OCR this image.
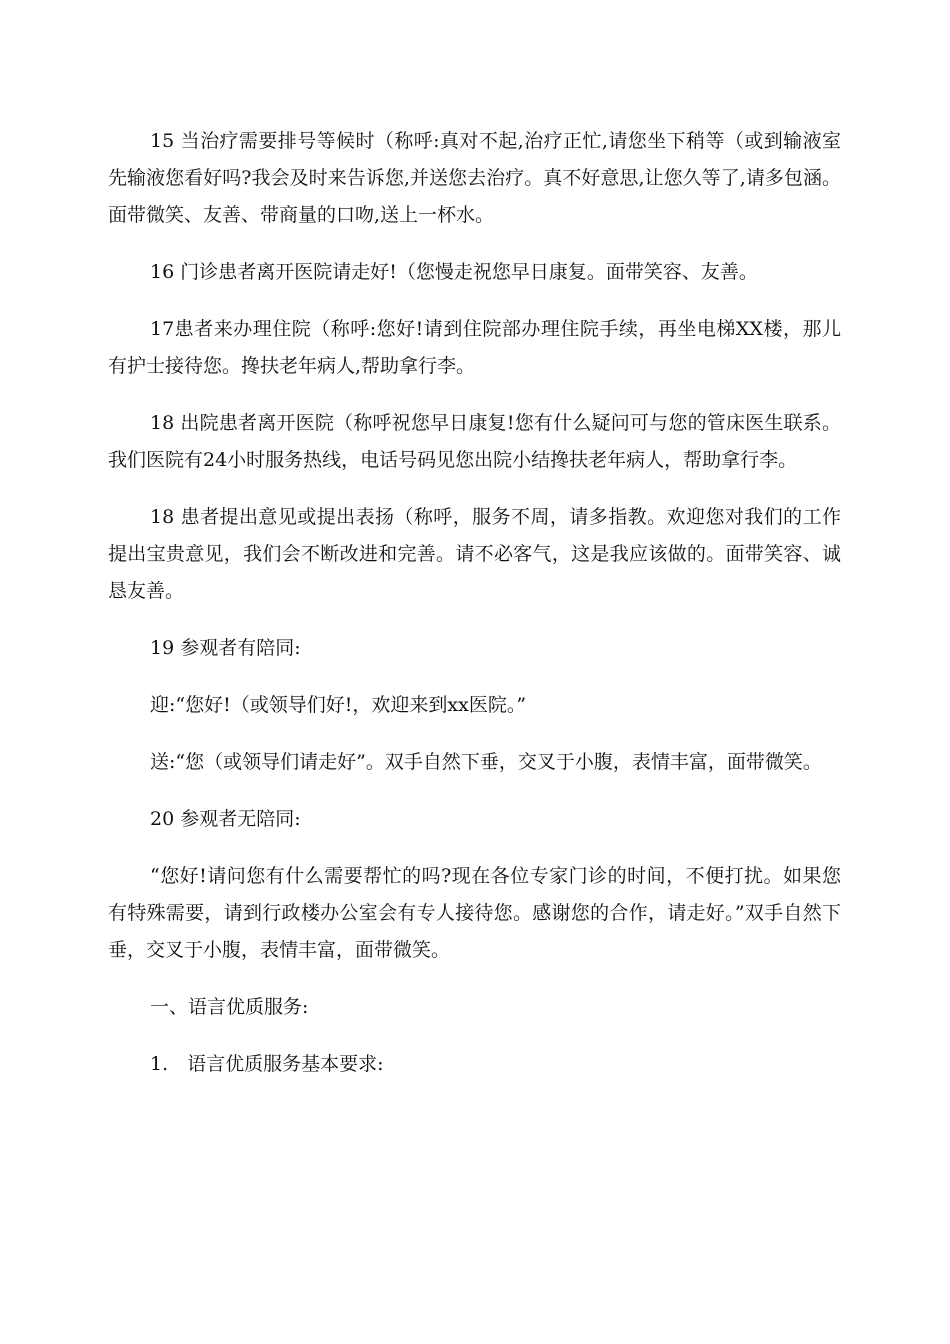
15 当治疗需要排号等候时（称呼:真对不起,治疗正忙,请您坐下稍等（或到输液室先输液您看好吗?我会及时来告诉您,并送您去治疗。真不好意思,让您久等了,请多包涵。面带微笑、友善、带商量的口吻,送上一杯水。

16 门诊患者离开医院请走好!（您慢走祝您早日康复。面带笑容、友善。

17患者来办理住院（称呼:您好!请到住院部办理住院手续，再坐电梯XX楼，那儿有护士接待您。搀扶老年病人,帮助拿行李。

18 出院患者离开医院（称呼祝您早日康复!您有什么疑问可与您的管床医生联系。我们医院有24小时服务热线，电话号码见您出院小结搀扶老年病人，帮助拿行李。

18 患者提出意见或提出表扬（称呼，服务不周，请多指教。欢迎您对我们的工作提出宝贵意见，我们会不断改进和完善。请不必客气，这是我应该做的。面带笑容、诚恳友善。

19 参观者有陪同:

迎:“您好!（或领导们好!，欢迎来到xx医院。”

送:“您（或领导们请走好”。双手自然下垂，交叉于小腹，表情丰富，面带微笑。

20 参观者无陪同:

“您好!请问您有什么需要帮忙的吗?现在各位专家门诊的时间，不便打扰。如果您有特殊需要，请到行政楼办公室会有专人接待您。感谢您的合作，请走好。”双手自然下垂，交叉于小腹，表情丰富，面带微笑。

一、语言优质服务:

1.　语言优质服务基本要求:
